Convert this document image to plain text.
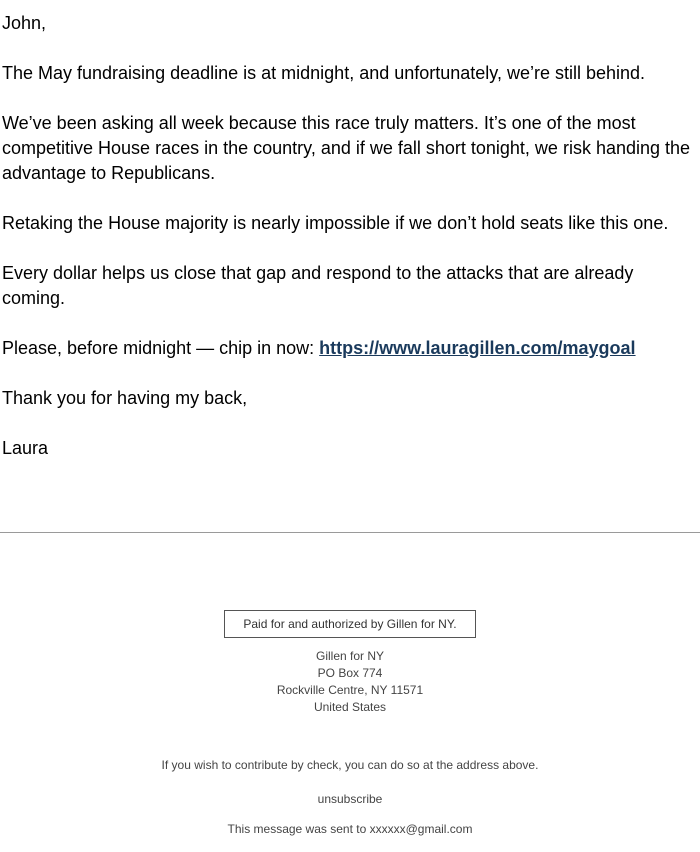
John,

The May fundraising deadline is at midnight, and unfortunately, we’re still behind.

We’ve been asking all week because this race truly matters. It’s one of the most competitive House races in the country, and if we fall short tonight, we risk handing the advantage to Republicans.

Retaking the House majority is nearly impossible if we don’t hold seats like this one.

Every dollar helps us close that gap and respond to the attacks that are already coming.

Please, before midnight — chip in now: https://www.lauragillen.com/maygoal

Thank you for having my back,

Laura

Paid for and authorized by Gillen for NY.
Gillen for NY
PO Box 774
Rockville Centre, NY 11571
United States
If you wish to contribute by check, you can do so at the address above.
unsubscribe
This message was sent to xxxxxx@gmail.com
